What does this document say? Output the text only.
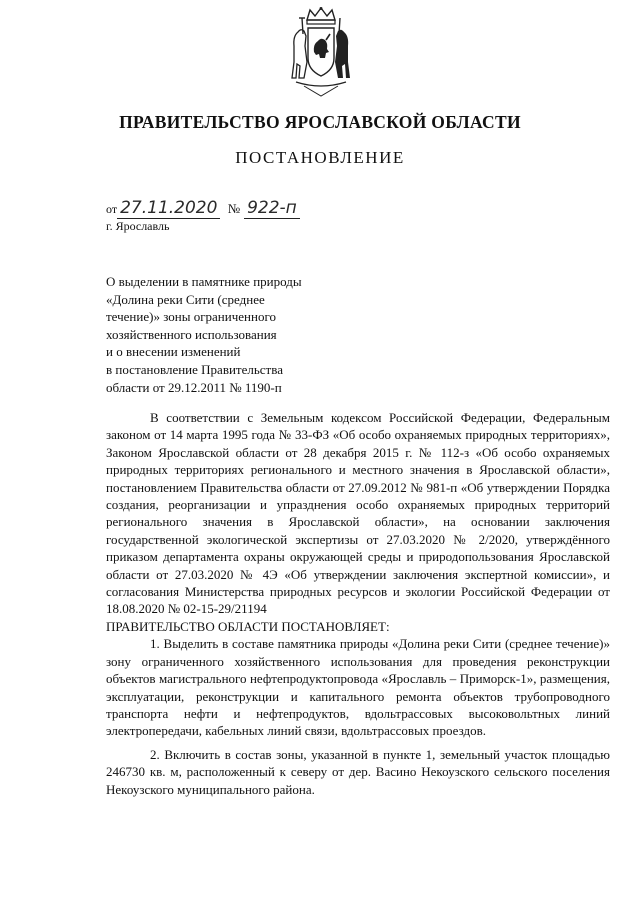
ПРАВИТЕЛЬСТВО ЯРОСЛАВСКОЙ ОБЛАСТИ
ПОСТАНОВЛЕНИЕ
от 27.11.2020 № 922-п
г. Ярославль
О выделении в памятнике природы
«Долина реки Сити (среднее
течение)» зоны ограниченного
хозяйственного использования
и о внесении изменений
в постановление Правительства
области от 29.12.2011 № 1190-п

В соответствии с Земельным кодексом Российской Федерации, Федеральным законом от 14 марта 1995 года № 33-ФЗ «Об особо охраняемых природных территориях», Законом Ярославской области от 28 декабря 2015 г. № 112-з «Об особо охраняемых природных территориях регионального и местного значения в Ярославской области», постановлением Правительства области от 27.09.2012 № 981-п «Об утверждении Порядка создания, реорганизации и упразднения особо охраняемых природных территорий регионального значения в Ярославской области», на основании заключения государственной экологической экспертизы от 27.03.2020 № 2/2020, утверждённого приказом департамента охраны окружающей среды и природопользования Ярославской области от 27.03.2020 № 4Э «Об утверждении заключения экспертной комиссии», и согласования Министерства природных ресурсов и экологии Российской Федерации от 18.08.2020 № 02-15-29/21194

ПРАВИТЕЛЬСТВО ОБЛАСТИ ПОСТАНОВЛЯЕТ:

1. Выделить в составе памятника природы «Долина реки Сити (среднее течение)» зону ограниченного хозяйственного использования для проведения реконструкции объектов магистрального нефтепродуктопровода «Ярославль – Приморск-1», размещения, эксплуатации, реконструкции и капитального ремонта объектов трубопроводного транспорта нефти и нефтепродуктов, вдольтрассовых высоковольтных линий электропередачи, кабельных линий связи, вдольтрассовых проездов.

2. Включить в состав зоны, указанной в пункте 1, земельный участок площадью 246730 кв. м, расположенный к северу от дер. Васино Некоузского сельского поселения Некоузского муниципального района.
